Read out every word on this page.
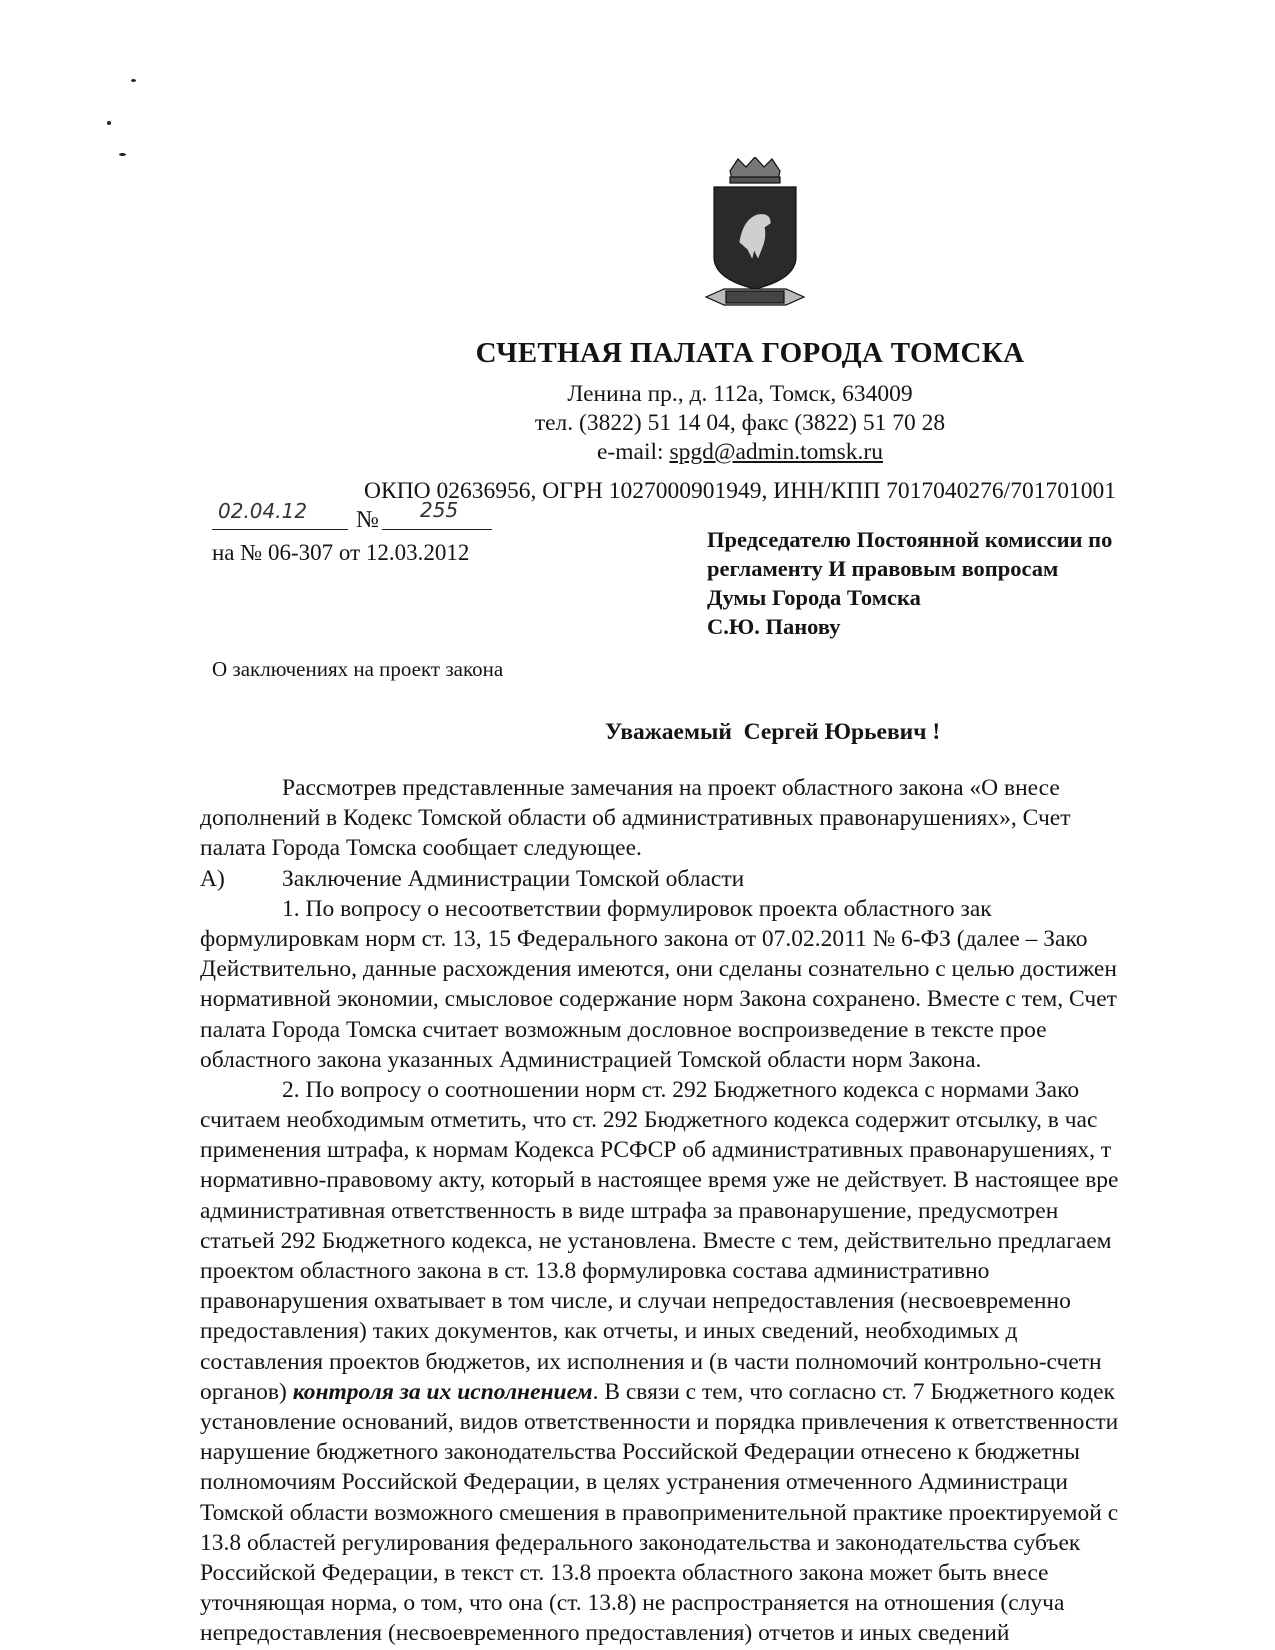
СЧЕТНАЯ ПАЛАТА ГОРОДА ТОМСКА
Ленина пр., д. 112а, Томск, 634009
тел. (3822) 51 14 04, факс (3822) 51 70 28
e-mail: spgd@admin.tomsk.ru
ОКПО 02636956, ОГРН 1027000901949, ИНН/КПП 7017040276/701701001
02.04.12 № 255
на № 06-307 от 12.03.2012
Председателю Постоянной комиссии по
регламенту И правовым вопросам
Думы Города Томска
С.Ю. Панову
О заключениях на проект закона
Уважаемый  Сергей Юрьевич !
Рассмотрев представленные замечания на проект областного закона «О внесе
дополнений в Кодекс Томской области об административных правонарушениях», Счет
палата Города Томска сообщает следующее.
А) Заключение Администрации Томской области
1. По вопросу о несоответствии формулировок проекта областного зак
формулировкам норм ст. 13, 15 Федерального закона от 07.02.2011 № 6-ФЗ (далее – Зако
Действительно, данные расхождения имеются, они сделаны сознательно с целью достижен
нормативной экономии, смысловое содержание норм Закона сохранено. Вместе с тем, Счет
палата Города Томска считает возможным дословное воспроизведение в тексте прое
областного закона указанных Администрацией Томской области норм Закона.
2. По вопросу о соотношении норм ст. 292 Бюджетного кодекса с нормами Зако
считаем необходимым отметить, что ст. 292 Бюджетного кодекса содержит отсылку, в час
применения штрафа, к нормам Кодекса РСФСР об административных правонарушениях, т
нормативно-правовому акту, который в настоящее время уже не действует. В настоящее вре
административная ответственность в виде штрафа за правонарушение, предусмотрен
статьей 292 Бюджетного кодекса, не установлена. Вместе с тем, действительно предлагаем
проектом областного закона в ст. 13.8 формулировка состава административно
правонарушения охватывает в том числе, и случаи непредоставления (несвоевременно
предоставления) таких документов, как отчеты, и иных сведений, необходимых д
составления проектов бюджетов, их исполнения и (в части полномочий контрольно-счетн
органов) контроля за их исполнением. В связи с тем, что согласно ст. 7 Бюджетного кодек
установление оснований, видов ответственности и порядка привлечения к ответственности
нарушение бюджетного законодательства Российской Федерации отнесено к бюджетны
полномочиям Российской Федерации, в целях устранения отмеченного Администраци
Томской области возможного смешения в правоприменительной практике проектируемой с
13.8 областей регулирования федерального законодательства и законодательства субъек
Российской Федерации, в текст ст. 13.8 проекта областного закона может быть внесе
уточняющая норма, о том, что она (ст. 13.8) не распространяется на отношения (случа
непредоставления (несвоевременного предоставления) отчетов и иных сведений
